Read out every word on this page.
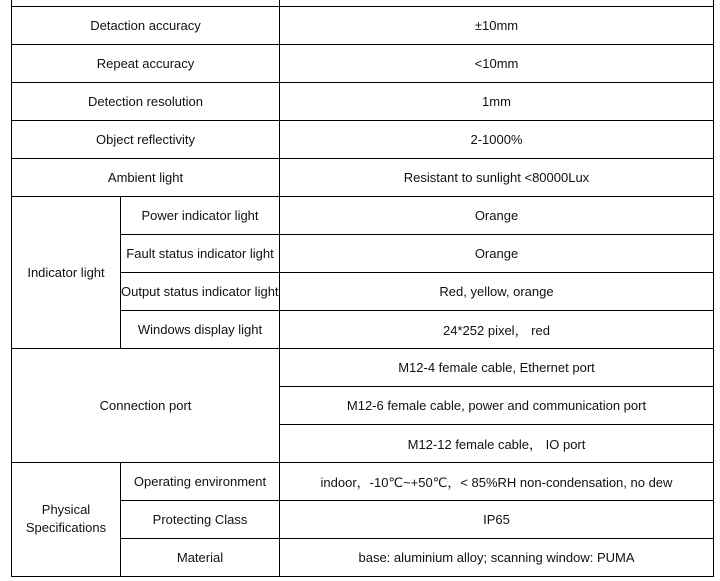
Detaction accuracy		±10mm
Repeat accuracy		<10mm
Detection resolution		1mm
Object reflectivity		2-1000%
Ambient light		Resistant to sunlight <80000Lux
Indicator light	Power indicator light	Orange
	Fault status indicator light	Orange
	Output status indicator light	Red, yellow, orange
	Windows display light	24*252 pixel， red
Connection port		M12-4 female cable, Ethernet port
		M12-6 female cable, power and communication port
		M12-12 female cable， IO port
Physical Specifications	Operating environment	indoor，-10℃~+50℃，< 85%RH non-condensation, no dew
	Protecting Class	IP65
	Material	base: aluminium alloy; scanning window: PUMA
